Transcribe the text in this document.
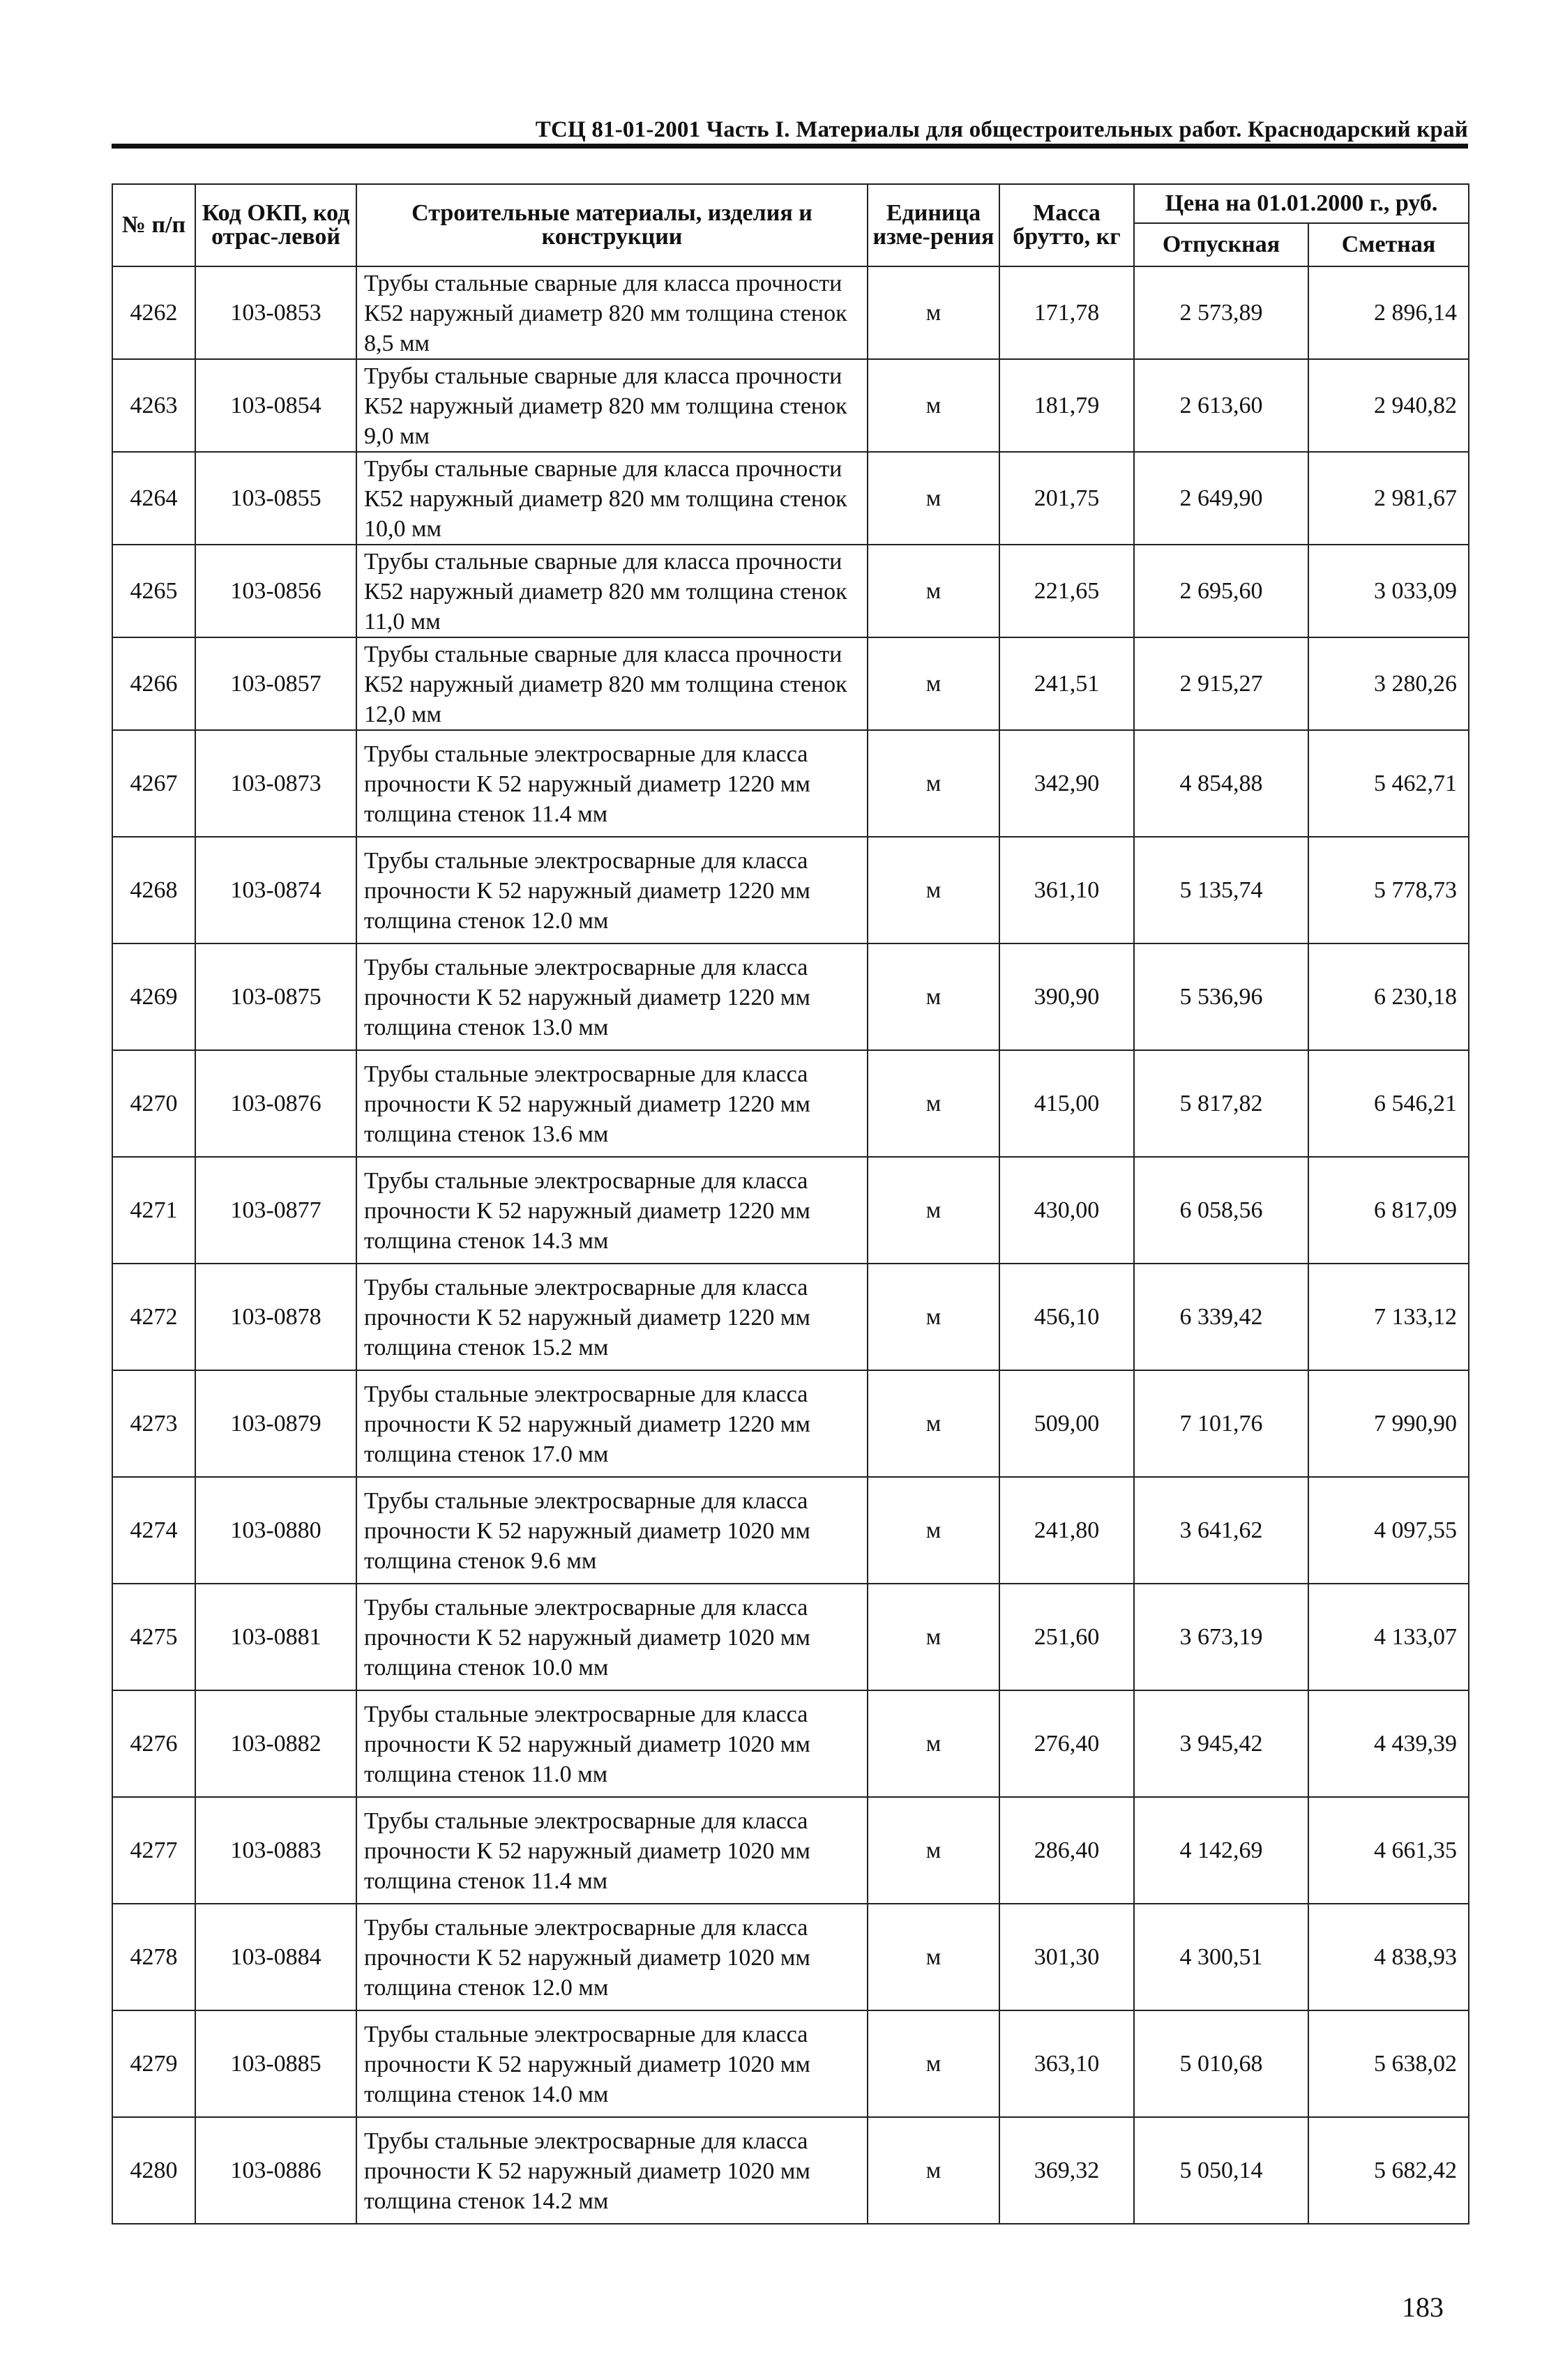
ТСЦ 81-01-2001 Часть I. Материалы для общестроительных работ. Краснодарский край
№ п/п	Код ОКП, код отрас-левой	Строительные материалы, изделия и конструкции	Единица изме-рения	Масса брутто, кг	Цена на 01.01.2000 г., руб.	
					Отпускная	Сметная
4262	103-0853	Трубы стальные сварные для класса прочности К52 наружный диаметр 820 мм толщина стенок 8,5 мм	м	171,78	2 573,89	2 896,14
4263	103-0854	Трубы стальные сварные для класса прочности К52 наружный диаметр 820 мм толщина стенок 9,0 мм	м	181,79	2 613,60	2 940,82
4264	103-0855	Трубы стальные сварные для класса прочности К52 наружный диаметр 820 мм толщина стенок 10,0 мм	м	201,75	2 649,90	2 981,67
4265	103-0856	Трубы стальные сварные для класса прочности К52 наружный диаметр 820 мм толщина стенок 11,0 мм	м	221,65	2 695,60	3 033,09
4266	103-0857	Трубы стальные сварные для класса прочности К52 наружный диаметр 820 мм толщина стенок 12,0 мм	м	241,51	2 915,27	3 280,26
4267	103-0873	Трубы стальные электросварные для класса прочности К 52 наружный диаметр 1220 мм толщина стенок 11.4 мм	м	342,90	4 854,88	5 462,71
4268	103-0874	Трубы стальные электросварные для класса прочности К 52 наружный диаметр 1220 мм толщина стенок 12.0 мм	м	361,10	5 135,74	5 778,73
4269	103-0875	Трубы стальные электросварные для класса прочности К 52 наружный диаметр 1220 мм толщина стенок 13.0 мм	м	390,90	5 536,96	6 230,18
4270	103-0876	Трубы стальные электросварные для класса прочности К 52 наружный диаметр 1220 мм толщина стенок 13.6 мм	м	415,00	5 817,82	6 546,21
4271	103-0877	Трубы стальные электросварные для класса прочности К 52 наружный диаметр 1220 мм толщина стенок 14.3 мм	м	430,00	6 058,56	6 817,09
4272	103-0878	Трубы стальные электросварные для класса прочности К 52 наружный диаметр 1220 мм толщина стенок 15.2 мм	м	456,10	6 339,42	7 133,12
4273	103-0879	Трубы стальные электросварные для класса прочности К 52 наружный диаметр 1220 мм толщина стенок 17.0 мм	м	509,00	7 101,76	7 990,90
4274	103-0880	Трубы стальные электросварные для класса прочности К 52 наружный диаметр 1020 мм толщина стенок 9.6 мм	м	241,80	3 641,62	4 097,55
4275	103-0881	Трубы стальные электросварные для класса прочности К 52 наружный диаметр 1020 мм толщина стенок 10.0 мм	м	251,60	3 673,19	4 133,07
4276	103-0882	Трубы стальные электросварные для класса прочности К 52 наружный диаметр 1020 мм толщина стенок 11.0 мм	м	276,40	3 945,42	4 439,39
4277	103-0883	Трубы стальные электросварные для класса прочности К 52 наружный диаметр 1020 мм толщина стенок 11.4 мм	м	286,40	4 142,69	4 661,35
4278	103-0884	Трубы стальные электросварные для класса прочности К 52 наружный диаметр 1020 мм толщина стенок 12.0 мм	м	301,30	4 300,51	4 838,93
4279	103-0885	Трубы стальные электросварные для класса прочности К 52 наружный диаметр 1020 мм толщина стенок 14.0 мм	м	363,10	5 010,68	5 638,02
4280	103-0886	Трубы стальные электросварные для класса прочности К 52 наружный диаметр 1020 мм толщина стенок 14.2 мм	м	369,32	5 050,14	5 682,42
183
